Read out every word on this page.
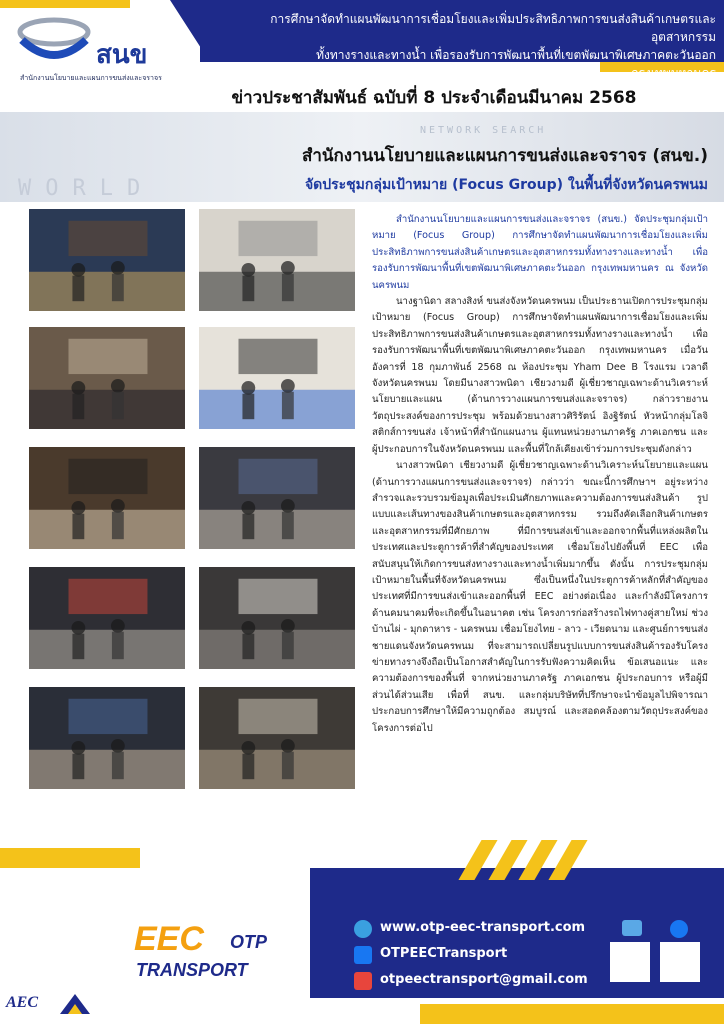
สนข
สำนักงานนโยบายและแผนการขนส่งและจราจร
การศึกษาจัดทำแผนพัฒนาการเชื่อมโยงและเพิ่มประสิทธิภาพการขนส่งสินค้าเกษตรและอุตสาหกรรม
ทั้งทางรางและทางน้ำ เพื่อรองรับการพัฒนาพื้นที่เขตพัฒนาพิเศษภาคตะวันออก กรุงเทพมหานคร
ข่าวประชาสัมพันธ์ ฉบับที่ 8 ประจำเดือนมีนาคม 2568
WORLD
NETWORK SEARCH
สำนักงานนโยบายและแผนการขนส่งและจราจร (สนข.)
จัดประชุมกลุ่มเป้าหมาย (Focus Group) ในพื้นที่จังหวัดนครพนม

สำนักงานนโยบายและแผนการขนส่งและจราจร (สนข.) จัดประชุมกลุ่มเป้าหมาย (Focus Group) การศึกษาจัดทำแผนพัฒนาการเชื่อมโยงและเพิ่มประสิทธิภาพการขนส่งสินค้าเกษตรและอุตสาหกรรมทั้งทางรางและทางน้ำ เพื่อรองรับการพัฒนาพื้นที่เขตพัฒนาพิเศษภาคตะวันออก กรุงเทพมหานคร ณ จังหวัดนครพนม

นางฐานิดา สลางสิงห์ ขนส่งจังหวัดนครพนม เป็นประธานเปิดการประชุมกลุ่มเป้าหมาย (Focus Group) การศึกษาจัดทำแผนพัฒนาการเชื่อมโยงและเพิ่มประสิทธิภาพการขนส่งสินค้าเกษตรและอุตสาหกรรมทั้งทางรางและทางน้ำ เพื่อรองรับการพัฒนาพื้นที่เขตพัฒนาพิเศษภาคตะวันออก กรุงเทพมหานคร เมื่อวันอังคารที่ 18 กุมภาพันธ์ 2568 ณ ห้องประชุม Yham Dee B โรงแรม เวลาดี จังหวัดนครพนม โดยมีนางสาวพนิดา เชียวงามดี ผู้เชี่ยวชาญเฉพาะด้านวิเคราะห์นโยบายและแผน (ด้านการวางแผนการขนส่งและจราจร) กล่าวรายงานวัตถุประสงค์ของการประชุม พร้อมด้วยนางสาวศิริรัตน์ อิงฐิรัตน์ หัวหน้ากลุ่มโลจิสติกส์การขนส่ง เจ้าหน้าที่สำนักแผนงาน ผู้แทนหน่วยงานภาครัฐ ภาคเอกชน และผู้ประกอบการในจังหวัดนครพนม และพื้นที่ใกล้เคียงเข้าร่วมการประชุมดังกล่าว

นางสาวพนิดา เชียวงามดี ผู้เชี่ยวชาญเฉพาะด้านวิเคราะห์นโยบายและแผน (ด้านการวางแผนการขนส่งและจราจร) กล่าวว่า ขณะนี้การศึกษาฯ อยู่ระหว่างสำรวจและรวบรวมข้อมูลเพื่อประเมินศักยภาพและความต้องการขนส่งสินค้า รูปแบบและเส้นทางของสินค้าเกษตรและอุตสาหกรรม รวมถึงคัดเลือกสินค้าเกษตรและอุตสาหกรรมที่มีศักยภาพ ที่มีการขนส่งเข้าและออกจากพื้นที่แหล่งผลิตในประเทศและประตูการค้าที่สำคัญของประเทศ เชื่อมโยงไปยังพื้นที่ EEC เพื่อสนับสนุนให้เกิดการขนส่งทางรางและทางน้ำเพิ่มมากขึ้น ดังนั้น การประชุมกลุ่มเป้าหมายในพื้นที่จังหวัดนครพนม ซึ่งเป็นหนึ่งในประตูการค้าหลักที่สำคัญของประเทศที่มีการขนส่งเข้าและออกพื้นที่ EEC อย่างต่อเนื่อง และกำลังมีโครงการด้านคมนาคมที่จะเกิดขึ้นในอนาคต เช่น โครงการก่อสร้างรถไฟทางคู่สายใหม่ ช่วง บ้านไผ่ - มุกดาหาร - นครพนม เชื่อมโยงไทย - ลาว - เวียดนาม และศูนย์การขนส่งชายแดนจังหวัดนครพนม ที่จะสามารถเปลี่ยนรูปแบบการขนส่งสินค้ารองรับโครงข่ายทางรางจึงถือเป็นโอกาสสำคัญในการรับฟังความคิดเห็น ข้อเสนอแนะ และความต้องการของพื้นที่ จากหน่วยงานภาครัฐ ภาคเอกชน ผู้ประกอบการ หรือผู้มีส่วนได้ส่วนเสีย เพื่อที่ สนข. และกลุ่มบริษัทที่ปรึกษาจะนำข้อมูลไปพิจารณาประกอบการศึกษาให้มีความถูกต้อง สมบูรณ์ และสอดคล้องตามวัตถุประสงค์ของโครงการต่อไป

EEC OTP
TRANSPORT
www.otp-eec-transport.com
OTPEECTransport
otpeectransport@gmail.com
AEC
